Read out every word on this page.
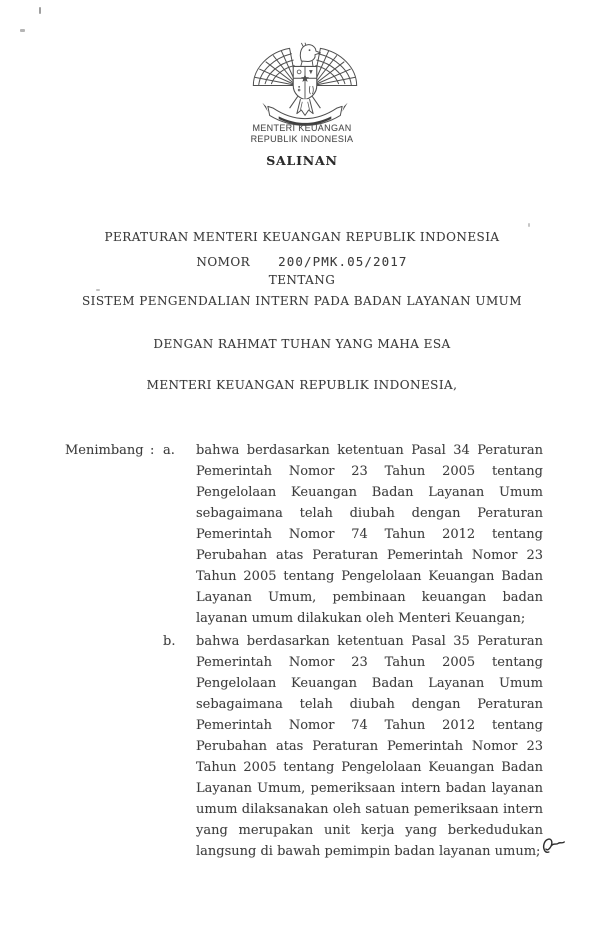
MENTERI KEUANGAN
REPUBLIK INDONESIA
SALINAN
PERATURAN MENTERI KEUANGAN REPUBLIK INDONESIA
NOMOR 200/PMK.05/2017
TENTANG
SISTEM PENGENDALIAN INTERN PADA BADAN LAYANAN UMUM
DENGAN RAHMAT TUHAN YANG MAHA ESA
MENTERI KEUANGAN REPUBLIK INDONESIA,
Menimbang : a.	bahwa berdasarkan ketentuan Pasal 34 Peraturan Pemerintah Nomor 23 Tahun 2005 tentang Pengelolaan Keuangan Badan Layanan Umum sebagaimana telah diubah dengan Peraturan Pemerintah Nomor 74 Tahun 2012 tentang Perubahan atas Peraturan Pemerintah Nomor 23 Tahun 2005 tentang Pengelolaan Keuangan Badan Layanan Umum, pembinaan keuangan badan layanan umum dilakukan oleh Menteri Keuangan;

b.	bahwa berdasarkan ketentuan Pasal 35 Peraturan Pemerintah Nomor 23 Tahun 2005 tentang Pengelolaan Keuangan Badan Layanan Umum sebagaimana telah diubah dengan Peraturan Pemerintah Nomor 74 Tahun 2012 tentang Perubahan atas Peraturan Pemerintah Nomor 23 Tahun 2005 tentang Pengelolaan Keuangan Badan Layanan Umum, pemeriksaan intern badan layanan umum dilaksanakan oleh satuan pemeriksaan intern yang merupakan unit kerja yang berkedudukan langsung di bawah pemimpin badan layanan umum;
